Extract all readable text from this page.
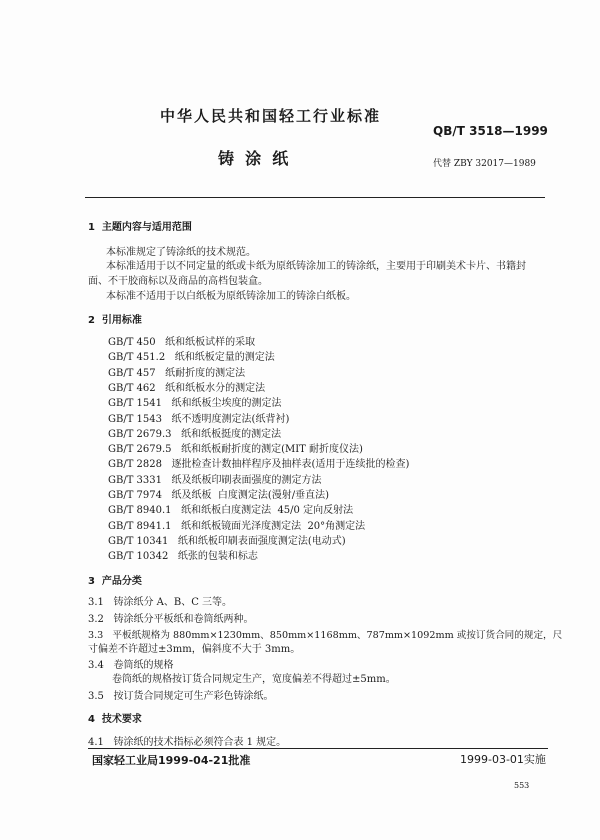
中华人民共和国轻工行业标准
QB/T 3518—1999
铸  涂  纸	代替 ZBY 32017—1989
1  主题内容与适用范围
本标准规定了铸涂纸的技术规范。
本标准适用于以不同定量的纸或卡纸为原纸铸涂加工的铸涂纸，主要用于印刷美术卡片、书籍封
面、不干胶商标以及商品的高档包装盒。
本标准不适用于以白纸板为原纸铸涂加工的铸涂白纸板。
2  引用标准
GB/T 450   纸和纸板试样的采取
GB/T 451.2   纸和纸板定量的测定法
GB/T 457   纸耐折度的测定法
GB/T 462   纸和纸板水分的测定法
GB/T 1541   纸和纸板尘埃度的测定法
GB/T 1543   纸不透明度测定法(纸背衬)
GB/T 2679.3   纸和纸板挺度的测定法
GB/T 2679.5   纸和纸板耐折度的测定(MIT 耐折度仪法)
GB/T 2828   逐批检查计数抽样程序及抽样表(适用于连续批的检查)
GB/T 3331   纸及纸板印刷表面强度的测定方法
GB/T 7974   纸及纸板  白度测定法(漫射/垂直法)
GB/T 8940.1   纸和纸板白度测定法  45/0 定向反射法
GB/T 8941.1   纸和纸板镜面光泽度测定法  20°角测定法
GB/T 10341   纸和纸板印刷表面强度测定法(电动式)
GB/T 10342   纸张的包装和标志
3  产品分类
3.1   铸涂纸分 A、B、C 三等。
3.2   铸涂纸分平板纸和卷筒纸两种。
3.3   平板纸规格为 880mm×1230mm、850mm×1168mm、787mm×1092mm 或按订货合同的规定，尺
寸偏差不许超过±3mm，偏斜度不大于 3mm。
3.4   卷筒纸的规格
卷筒纸的规格按订货合同规定生产，宽度偏差不得超过±5mm。
3.5   按订货合同规定可生产彩色铸涂纸。
4  技术要求
4.1   铸涂纸的技术指标必须符合表 1 规定。
国家轻工业局1999-04-21批准	1999-03-01实施
553
